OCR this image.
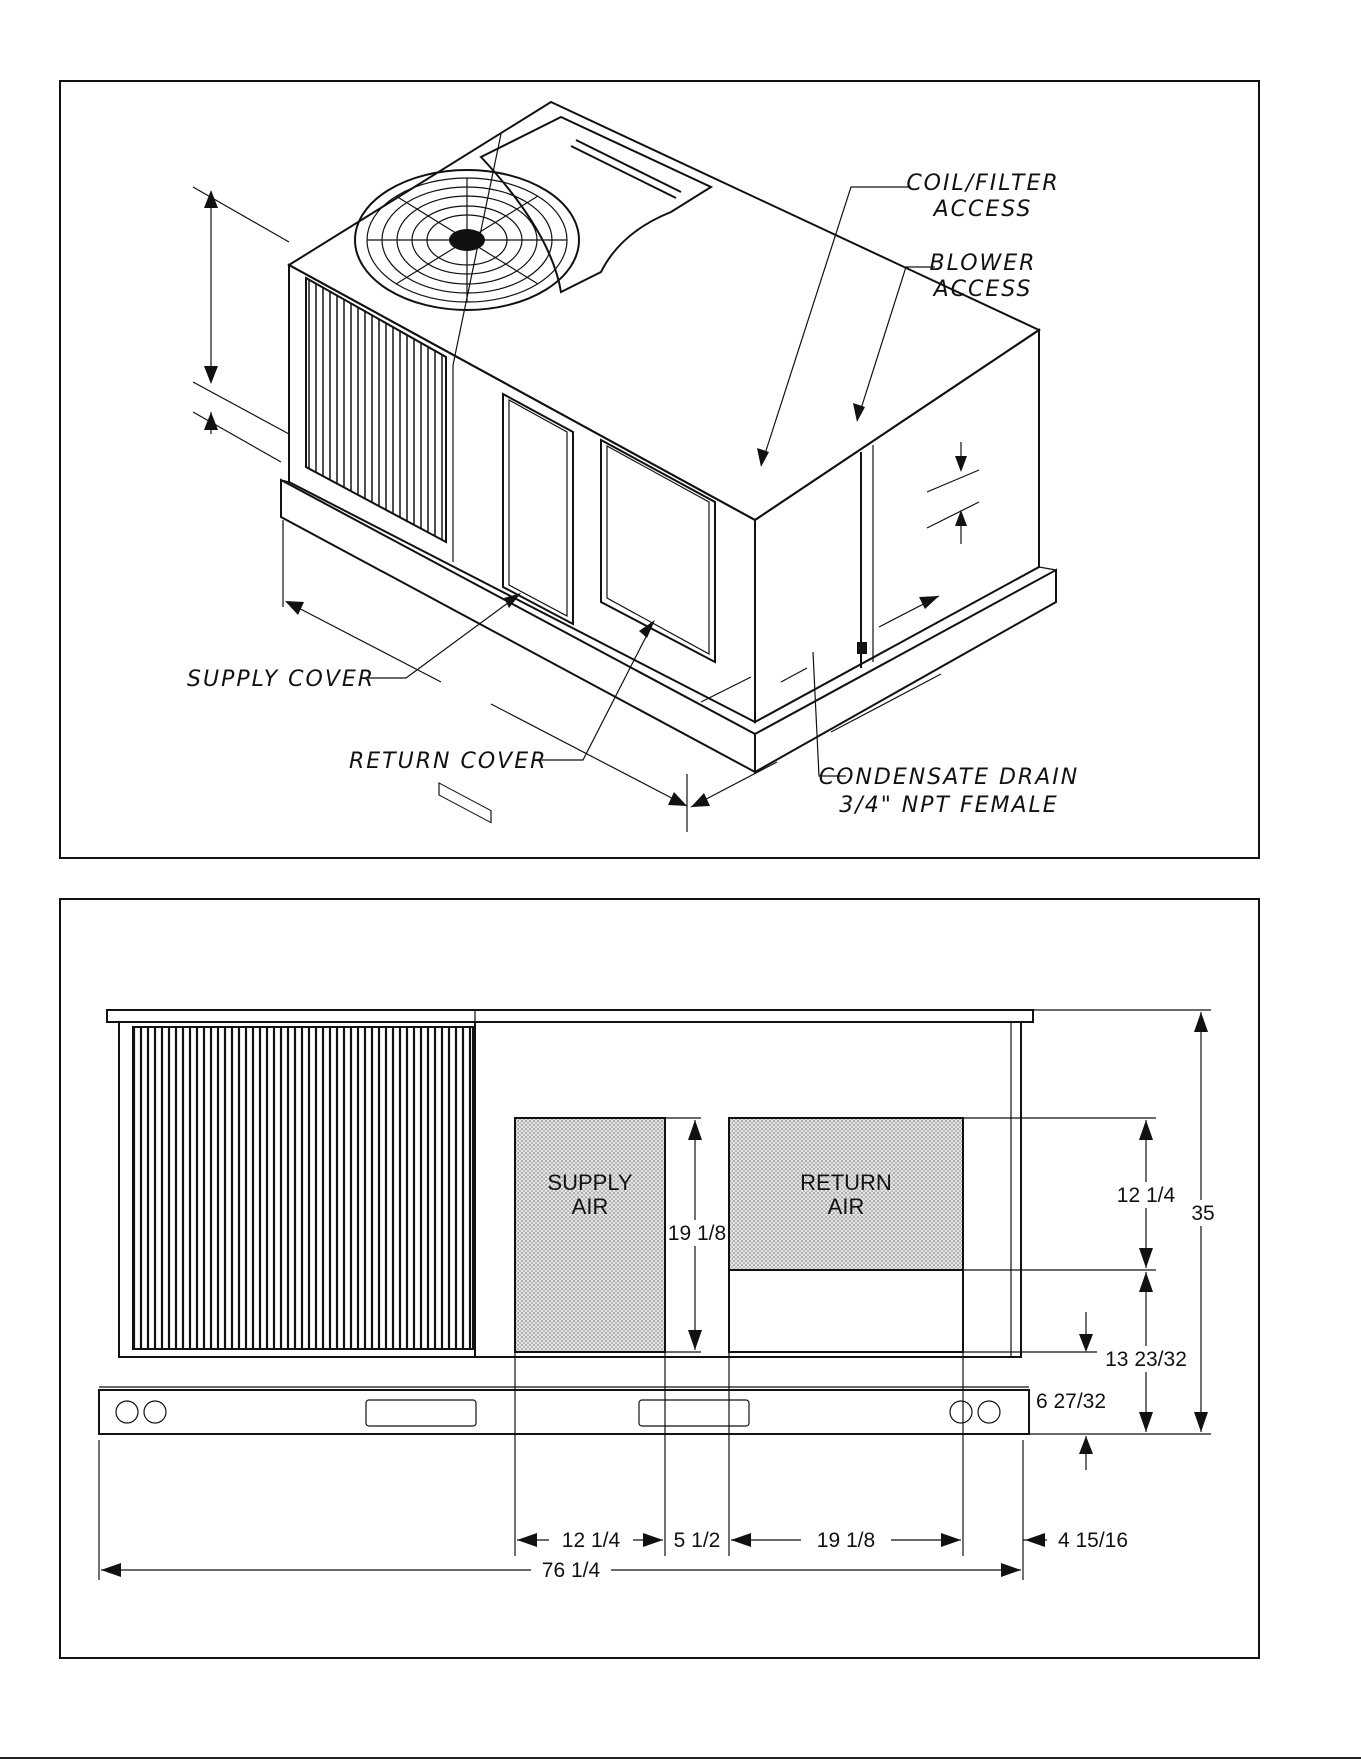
COIL/FILTER
ACCESS
BLOWER
ACCESS
SUPPLY COVER
RETURN COVER
CONDENSATE DRAIN
3/4" NPT FEMALE
SUPPLY
AIR
RETURN
AIR	35
12 1/4
13 23/32
6 27/32
19 1/8
12 1/4	5 1/2	19 1/8	4 15/16
76 1/4
